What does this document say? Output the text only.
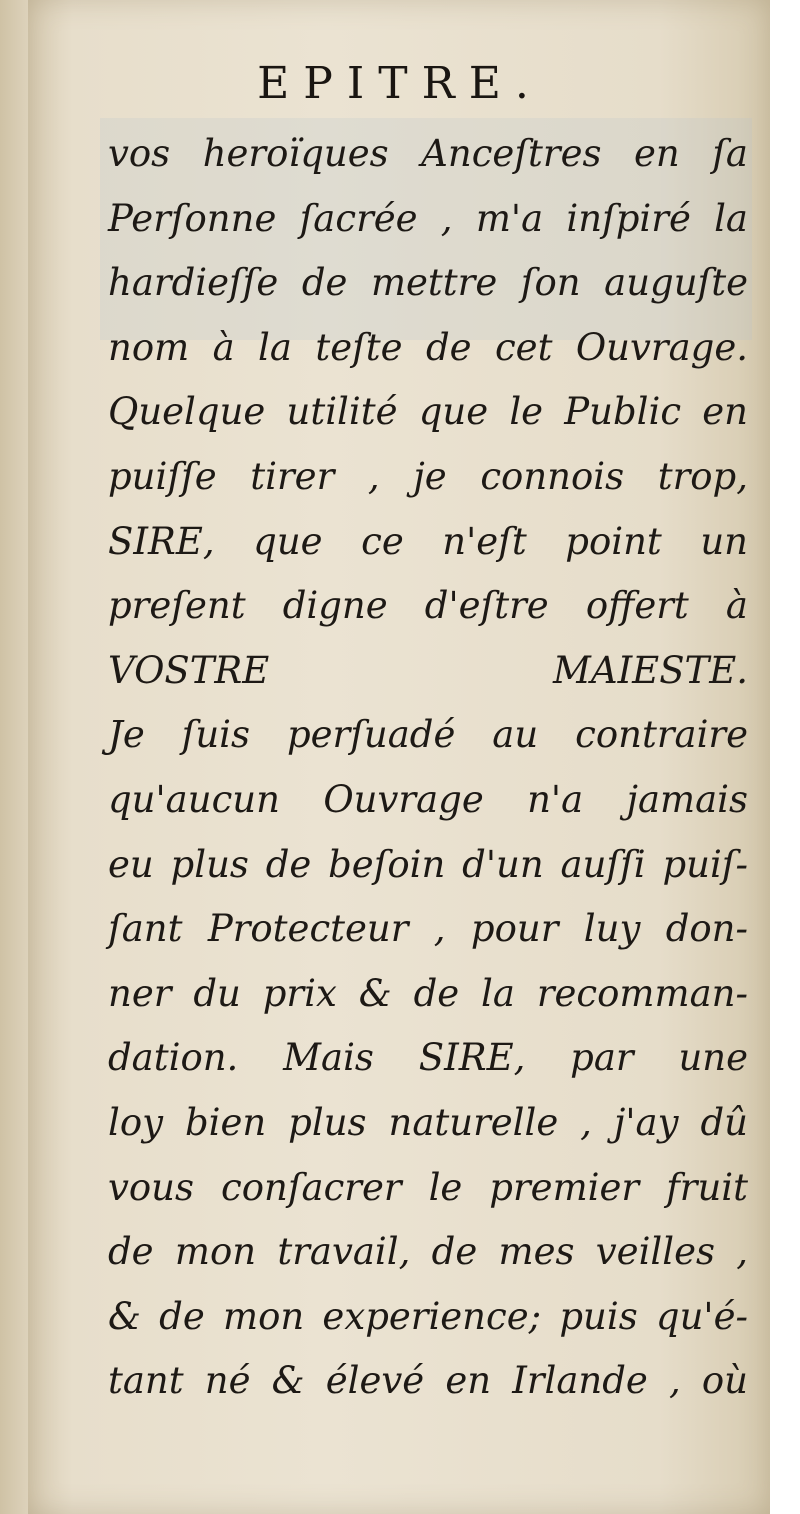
EPITRE.
vos heroïques Anceſtres en ſa
Perſonne ſacrée , m'a inſpiré la
hardieſſe de mettre ſon auguſte
nom à la teſte de cet Ouvrage.
Quelque utilité que le Public en
puiſſe tirer , je connois trop,
SIRE, que ce n'eſt point un
preſent digne d'eſtre offert à
VOSTRE MAIESTE.
Je ſuis perſuadé au contraire
qu'aucun Ouvrage n'a jamais
eu plus de beſoin d'un auſſi puiſ-
ſant Protecteur , pour luy don-
ner du prix & de la recomman-
dation. Mais SIRE, par une
loy bien plus naturelle , j'ay dû
vous conſacrer le premier fruit
de mon travail, de mes veilles ,
& de mon experience; puis qu'é-
tant né & élevé en Irlande , où
